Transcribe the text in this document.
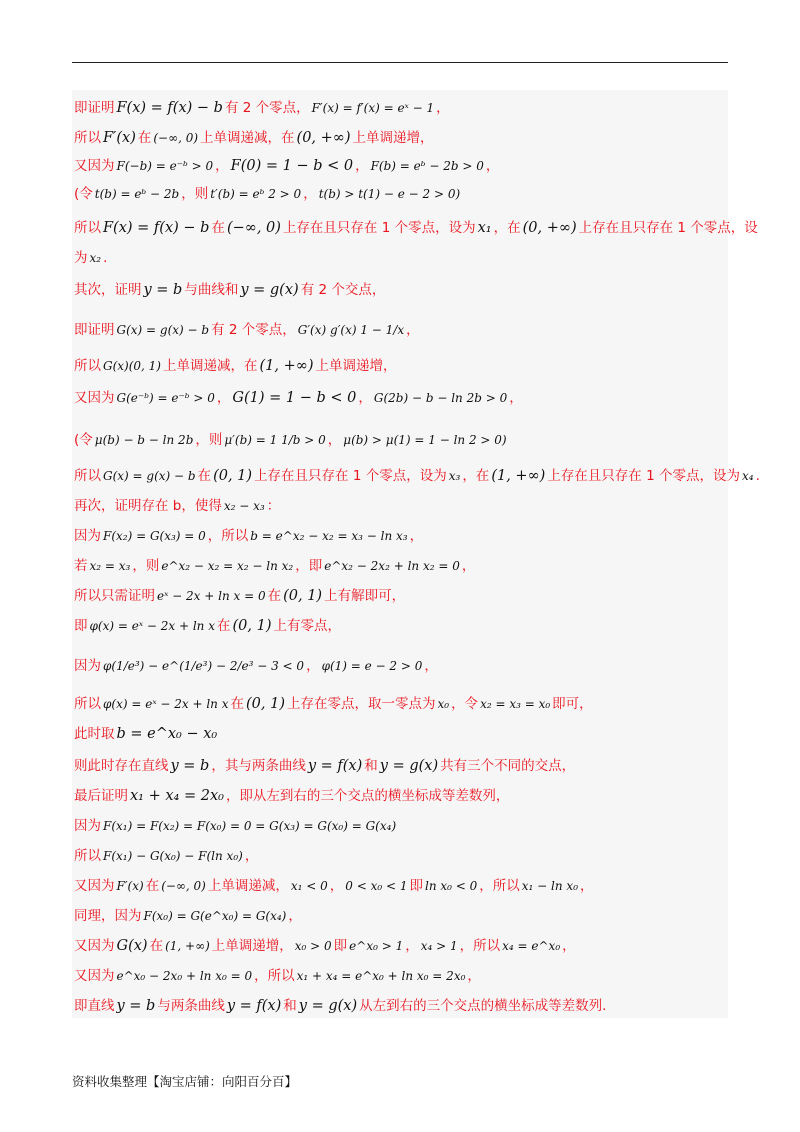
即证明 F(x) = f(x) − b 有 2 个零点， F′(x) = f′(x) = eˣ − 1 ，
所以 F′(x) 在 (−∞, 0) 上单调递减，在 (0, +∞) 上单调递增，
又因为 F(−b) = e⁻ᵇ > 0 ， F(0) = 1 − b < 0 ， F(b) = eᵇ − 2b > 0 ，
(令 t(b) = eᵇ − 2b ，则 t′(b) = eᵇ 2 > 0 ， t(b) > t(1) − e − 2 > 0)
所以 F(x) = f(x) − b 在 (−∞, 0) 上存在且只存在 1 个零点，设为 x₁ ，在 (0, +∞) 上存在且只存在 1 个零点，设
为 x₂ .
其次，证明 y = b 与曲线和 y = g(x) 有 2 个交点，
即证明 G(x) = g(x) − b 有 2 个零点， G′(x) g′(x) 1 − 1/x ，
所以 G(x)(0, 1) 上单调递减，在 (1, +∞) 上单调递增，
又因为 G(e⁻ᵇ) = e⁻ᵇ > 0 ， G(1) = 1 − b < 0 ， G(2b) − b − ln 2b > 0 ，
(令 μ(b) − b − ln 2b ，则 μ′(b) = 1 1/b > 0 ， μ(b) > μ(1) = 1 − ln 2 > 0)
所以 G(x) = g(x) − b 在 (0, 1) 上存在且只存在 1 个零点，设为 x₃ ，在 (1, +∞) 上存在且只存在 1 个零点，设为 x₄ .
再次，证明存在 b，使得 x₂ − x₃ ：
因为 F(x₂) = G(x₃) = 0 ，所以 b = e^x₂ − x₂ = x₃ − ln x₃ ，
若 x₂ = x₃ ，则 e^x₂ − x₂ = x₂ − ln x₂ ，即 e^x₂ − 2x₂ + ln x₂ = 0 ，
所以只需证明 eˣ − 2x + ln x = 0 在 (0, 1) 上有解即可，
即 φ(x) = eˣ − 2x + ln x 在 (0, 1) 上有零点，
因为 φ(1/e³) − e^(1/e³) − 2/e³ − 3 < 0 ， φ(1) = e − 2 > 0 ，
所以 φ(x) = eˣ − 2x + ln x 在 (0, 1) 上存在零点，取一零点为 x₀ ，令 x₂ = x₃ = x₀ 即可，
此时取 b = e^x₀ − x₀
则此时存在直线 y = b ，其与两条曲线 y = f(x) 和 y = g(x) 共有三个不同的交点，
最后证明 x₁ + x₄ = 2x₀ ，即从左到右的三个交点的横坐标成等差数列，
因为 F(x₁) = F(x₂) = F(x₀) = 0 = G(x₃) = G(x₀) = G(x₄)
所以 F(x₁) − G(x₀) − F(ln x₀) ，
又因为 F′(x) 在 (−∞, 0) 上单调递减， x₁ < 0 ， 0 < x₀ < 1 即 ln x₀ < 0 ，所以 x₁ − ln x₀ ，
同理，因为 F(x₀) = G(e^x₀) = G(x₄) ，
又因为 G(x) 在 (1, +∞) 上单调递增， x₀ > 0 即 e^x₀ > 1 ， x₄ > 1 ，所以 x₄ = e^x₀ ，
又因为 e^x₀ − 2x₀ + ln x₀ = 0 ，所以 x₁ + x₄ = e^x₀ + ln x₀ = 2x₀ ，
即直线 y = b 与两条曲线 y = f(x) 和 y = g(x) 从左到右的三个交点的横坐标成等差数列.
资料收集整理【淘宝店铺：向阳百分百】
